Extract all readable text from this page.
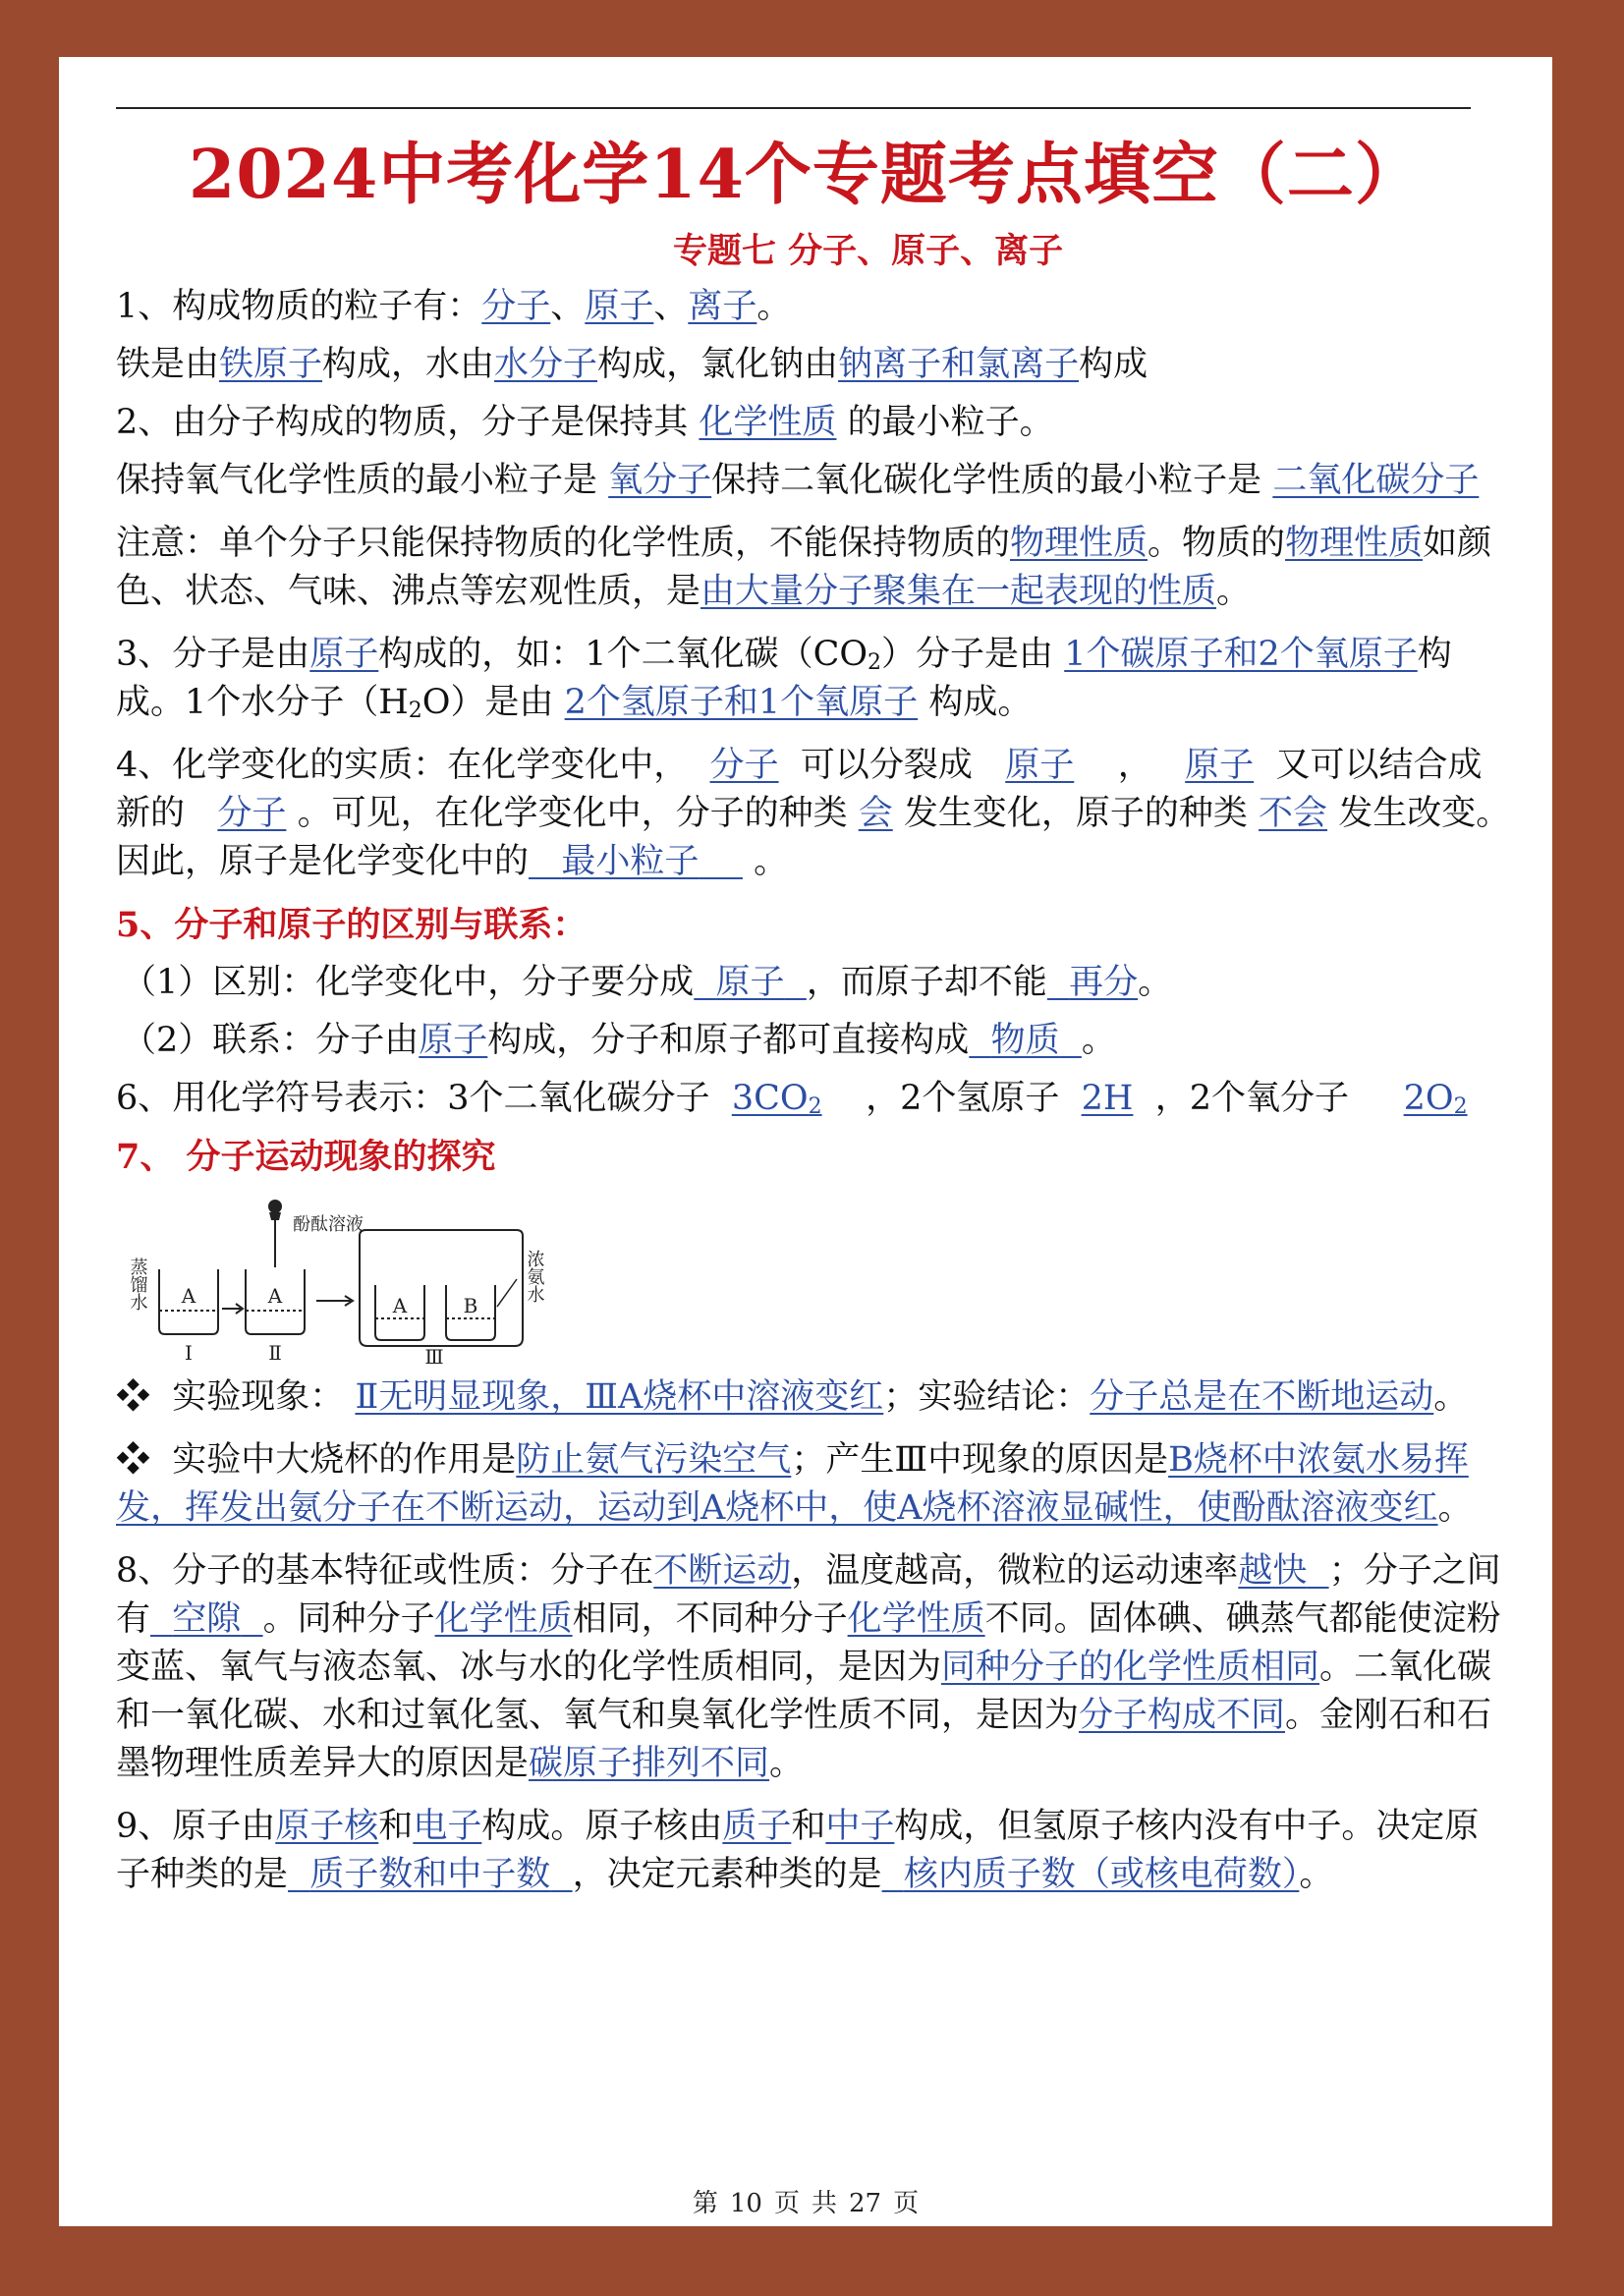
2024中考化学14个专题考点填空（二）
专题七 分子、原子、离子

1、构成物质的粒子有：分子、原子、离子。

铁是由铁原子构成，水由水分子构成，氯化钠由钠离子和氯离子构成

2、由分子构成的物质，分子是保持其 化学性质 的最小粒子。

保持氧气化学性质的最小粒子是 氧分子保持二氧化碳化学性质的最小粒子是 二氧化碳分子

注意：单个分子只能保持物质的化学性质，不能保持物质的物理性质。物质的物理性质如颜色、状态、气味、沸点等宏观性质，是由大量分子聚集在一起表现的性质。

3、分子是由原子构成的，如：1个二氧化碳$(CO_2)$分子是由 1个碳原子和2个氧原子构成。1个水分子$(H_2O)$是由 2个氢原子和1个氧原子 构成。

4、化学变化的实质：在化学变化中， 分子 可以分裂成 原子 ， 原子 又可以结合成新的 分子 。可见，在化学变化中，分子的种类 会 发生变化，原子的种类 不会 发生改变。因此，原子是化学变化中的 最小粒子 。

5、分子和原子的区别与联系：

（1）区别：化学变化中，分子要分成 原子 ，而原子却不能 再分。

（2）联系：分子由原子构成，分子和原子都可直接构成 物质 。

6、用化学符号表示：3个二氧化碳分子 $3CO_2$ ，2个氢原子 2H ，2个氧分子 $2O_2$

7、 分子运动现象的探究

A	A	A	B
Ⅰ	Ⅱ	Ⅲ
蒸馏水
酚酞溶液
浓氨水

❖ 实验现象： Ⅱ无明显现象，ⅢA烧杯中溶液变红；实验结论：分子总是在不断地运动。

❖ 实验中大烧杯的作用是防止氨气污染空气；产生Ⅲ中现象的原因是B烧杯中浓氨水易挥发，挥发出氨分子在不断运动，运动到A烧杯中，使A烧杯溶液显碱性，使酚酞溶液变红。

8、分子的基本特征或性质：分子在不断运动，温度越高，微粒的运动速率越快 ；分子之间有 空隙 。同种分子化学性质相同，不同种分子化学性质不同。固体碘、碘蒸气都能使淀粉变蓝、氧气与液态氧、冰与水的化学性质相同，是因为同种分子的化学性质相同。二氧化碳和一氧化碳、水和过氧化氢、氧气和臭氧化学性质不同，是因为分子构成不同。金刚石和石墨物理性质差异大的原因是碳原子排列不同。

9、原子由原子核和电子构成。原子核由质子和中子构成，但氢原子核内没有中子。决定原子种类的是 质子数和中子数 ，决定元素种类的是 核内质子数（或核电荷数）。

第 10 页 共 27 页
